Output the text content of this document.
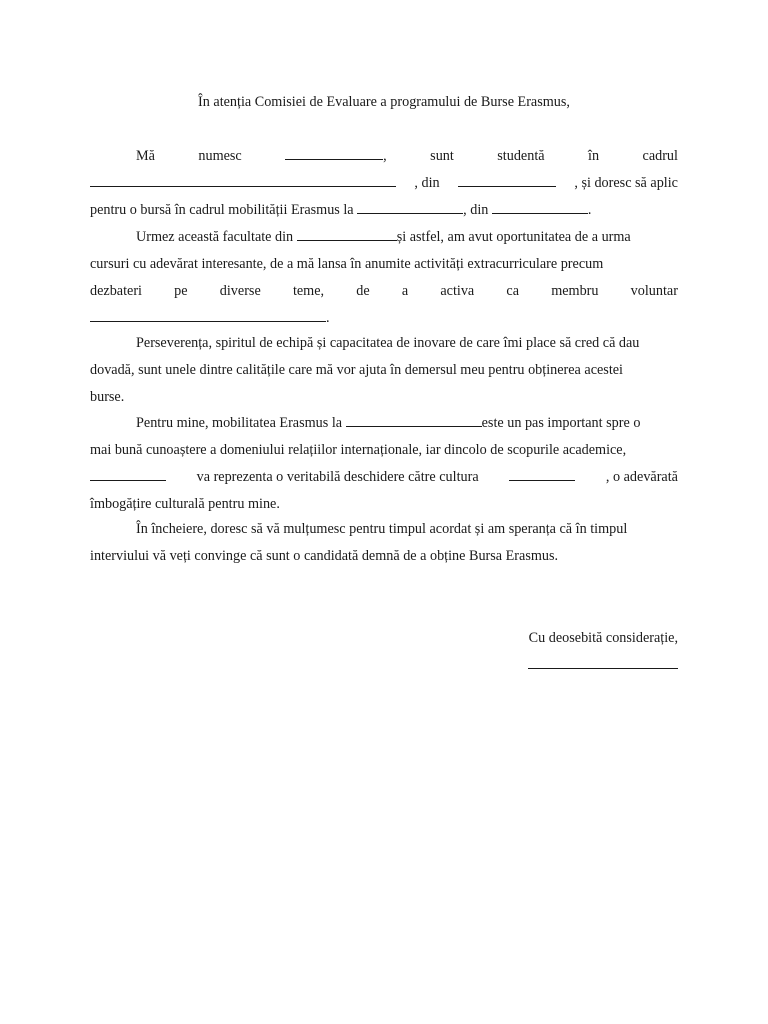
În atenția Comisiei de Evaluare a programului de Burse Erasmus,
Mă	numesc	,	sunt	studentă	în	cadrul
, din	, și doresc să aplic
pentru o bursă în cadrul mobilității Erasmus la	, din	.
Urmez această facultate din	și astfel, am avut oportunitatea de a urma
cursuri cu adevărat interesante, de a mă lansa în anumite activități extracurriculare precum
dezbateri pe diverse teme, de a activa ca membru voluntar
.
Perseverența, spiritul de echipă și capacitatea de inovare de care îmi place să cred că dau
dovadă, sunt unele dintre calitățile care mă vor ajuta în demersul meu pentru obținerea acestei
burse.
Pentru mine, mobilitatea Erasmus la	este un pas important spre o
mai bună cunoaștere a domeniului relațiilor internaționale, iar dincolo de scopurile academice,
va reprezenta o veritabilă deschidere către cultura	, o adevărată
îmbogățire culturală pentru mine.
În încheiere, doresc să vă mulțumesc pentru timpul acordat și am speranța că în timpul
interviului vă veți convinge că sunt o candidată demnă de a obține Bursa Erasmus.
Cu deosebită considerație,
